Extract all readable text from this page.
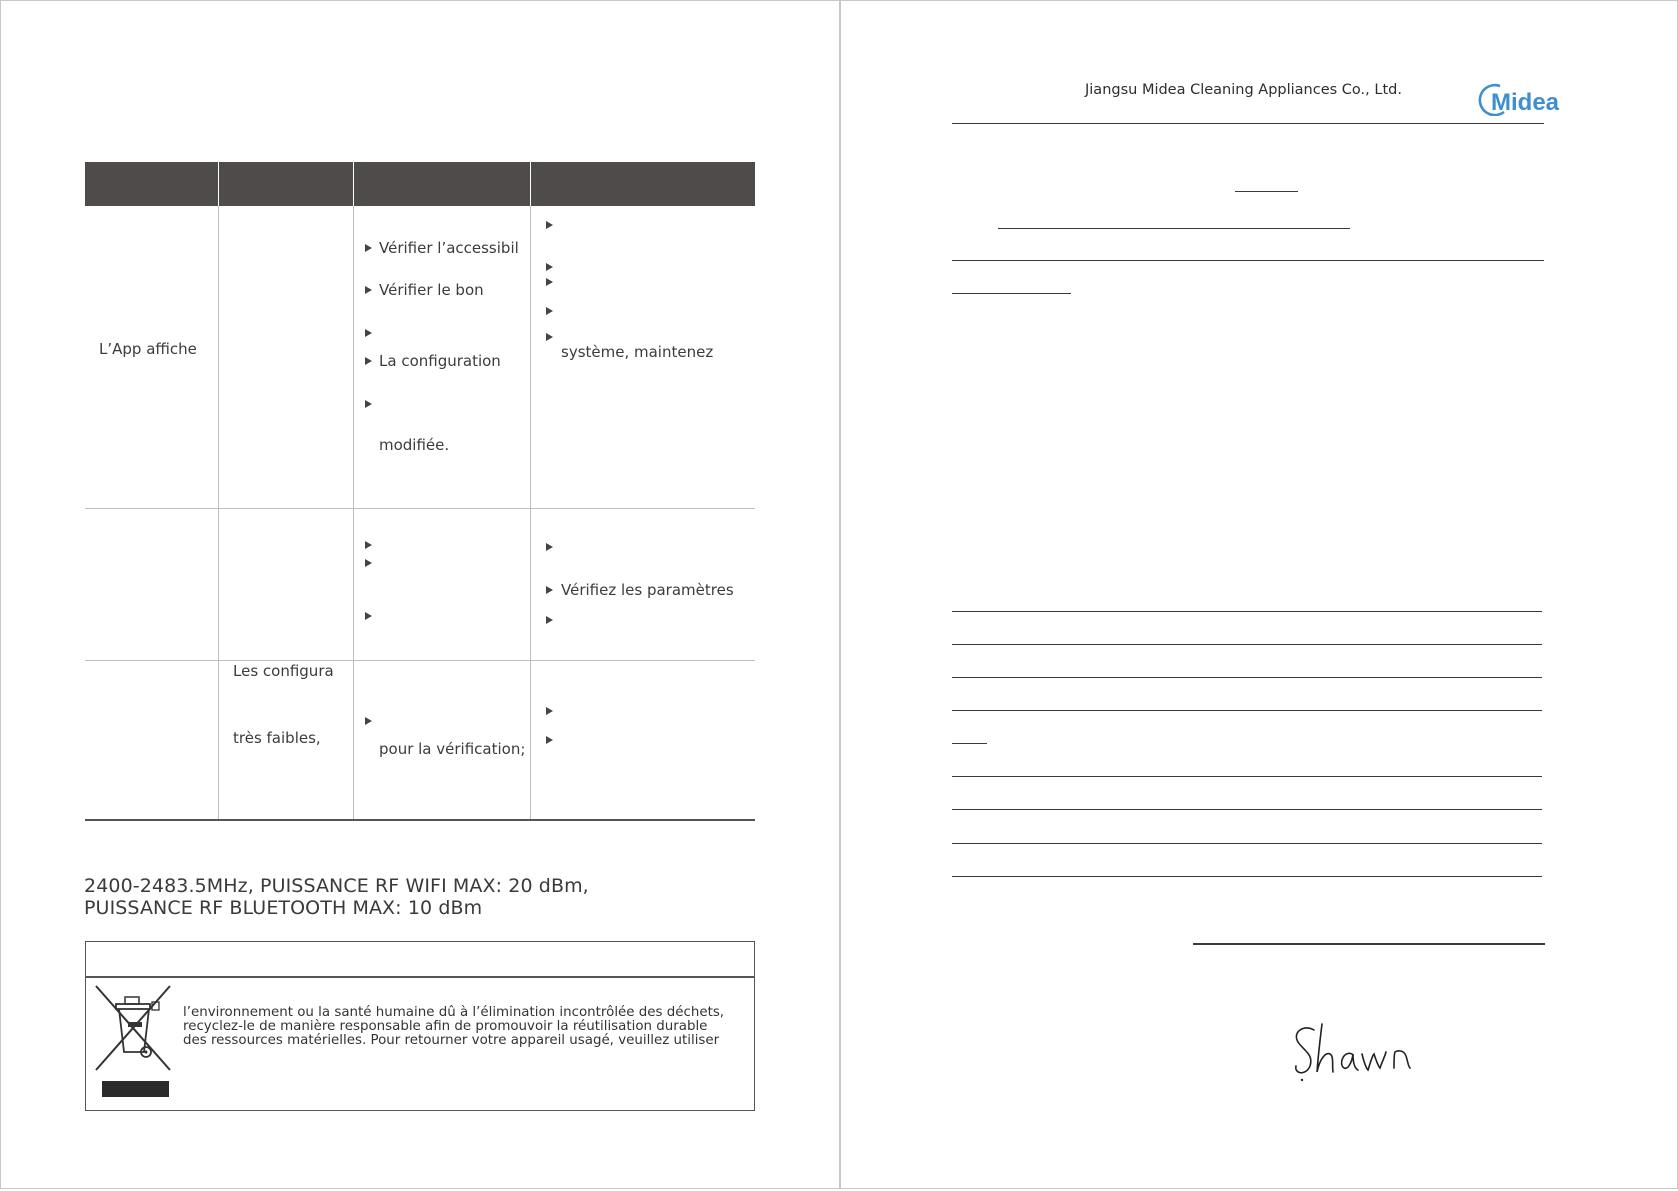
L’App affiche
Vérifier l’accessibil
Vérifier le bon
La configuration
modifiée.
système, maintenez
Vérifiez les paramètres
Les configura
très faibles,
pour la vérification;
2400-2483.5MHz, PUISSANCE RF WIFI MAX: 20 dBm,
PUISSANCE RF BLUETOOTH MAX: 10 dBm
l’environnement ou la santé humaine dû à l’élimination incontrôlée des déchets,
recyclez-le de manière responsable afin de promouvoir la réutilisation durable
des ressources matérielles. Pour retourner votre appareil usagé, veuillez utiliser
Jiangsu Midea Cleaning Appliances Co., Ltd.	Midea
